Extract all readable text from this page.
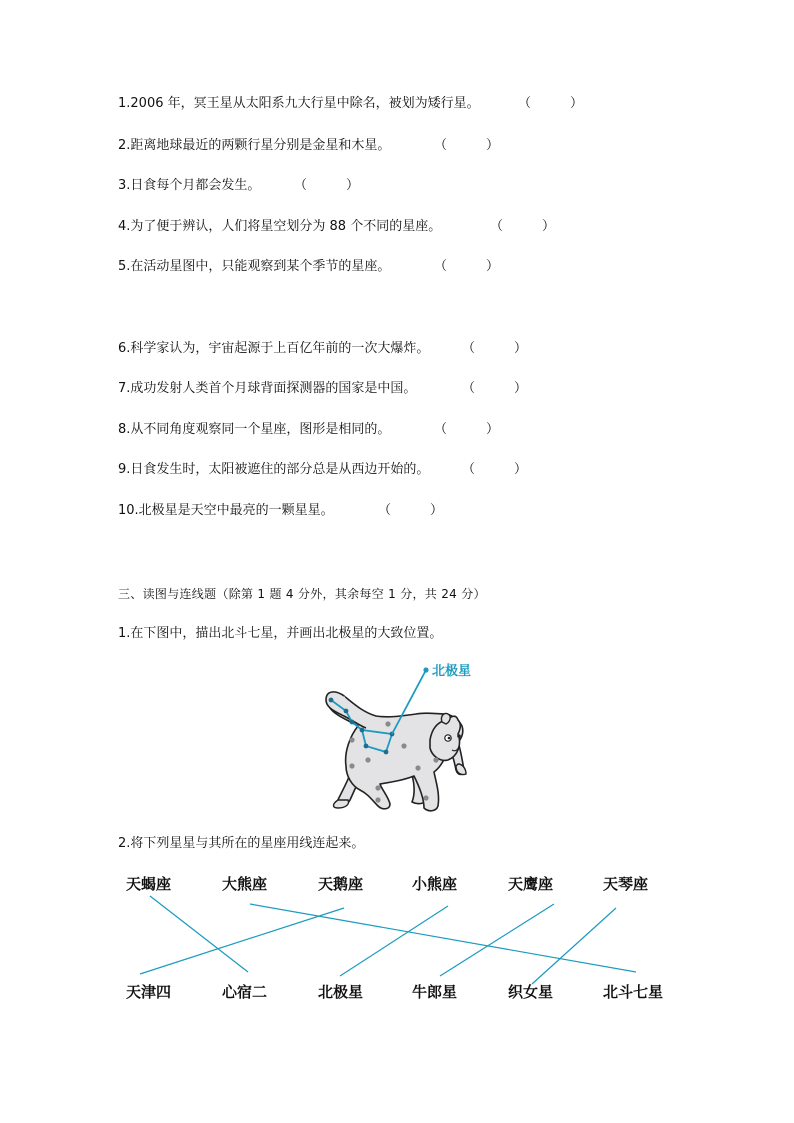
1.2006 年，冥王星从太阳系九大行星中除名，被划为矮行星。	（　　　）
2.距离地球最近的两颗行星分别是金星和木星。	（　　　）
3.日食每个月都会发生。	（　　　）
4.为了便于辨认，人们将星空划分为 88 个不同的星座。	（　　　）
5.在活动星图中，只能观察到某个季节的星座。	（　　　）
6.科学家认为，宇宙起源于上百亿年前的一次大爆炸。	（　　　）
7.成功发射人类首个月球背面探测器的国家是中国。	（　　　）
8.从不同角度观察同一个星座，图形是相同的。	（　　　）
9.日食发生时，太阳被遮住的部分总是从西边开始的。	（　　　）
10.北极星是天空中最亮的一颗星星。	（　　　）
三、读图与连线题（除第 1 题 4 分外，其余每空 1 分，共 24 分）
1.在下图中，描出北斗七星，并画出北极星的大致位置。
北极星
2.将下列星星与其所在的星座用线连起来。
天蝎座	大熊座	天鹅座	小熊座	天鹰座	天琴座
天津四	心宿二	北极星	牛郎星	织女星	北斗七星
